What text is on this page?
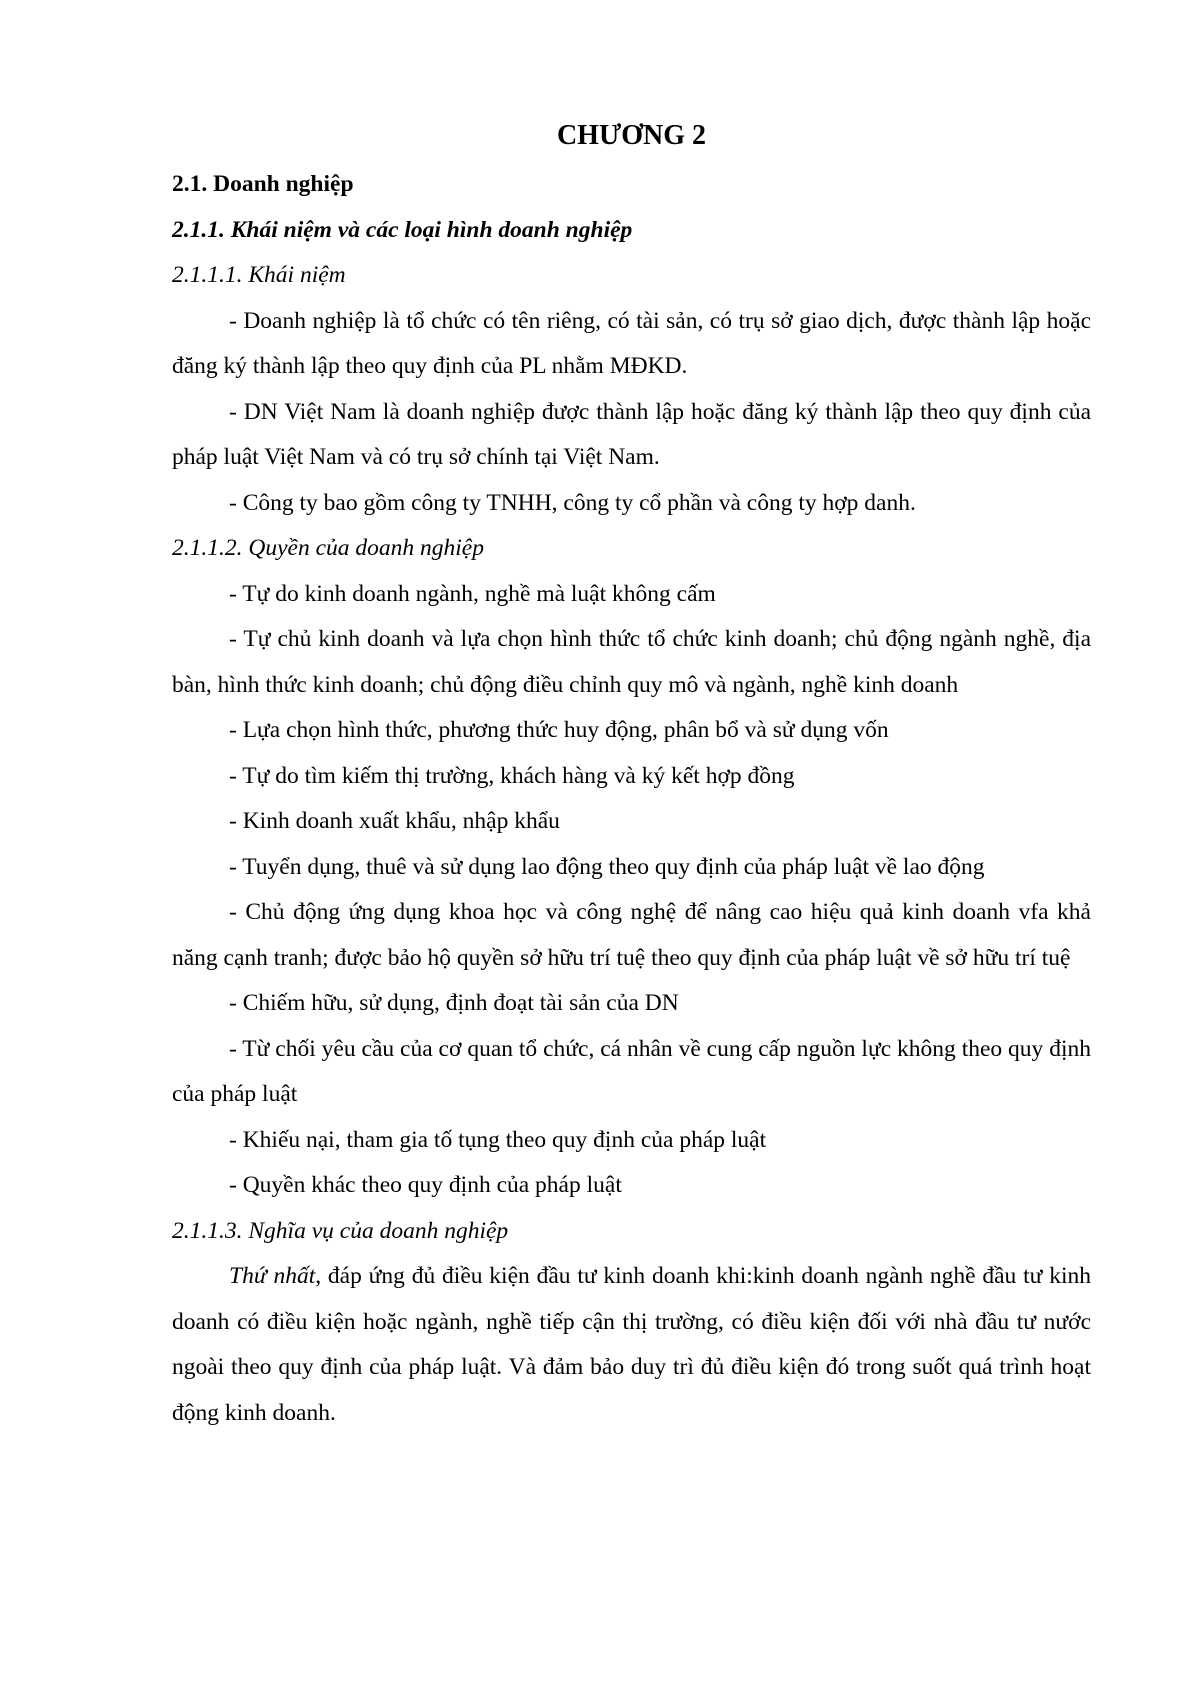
CHƯƠNG 2
2.1. Doanh nghiệp
2.1.1. Khái niệm và các loại hình doanh nghiệp
2.1.1.1. Khái niệm
- Doanh nghiệp là tổ chức có tên riêng, có tài sản, có trụ sở giao dịch, được thành lập hoặc đăng ký thành lập theo quy định của PL nhằm MĐKD.
- DN Việt Nam là doanh nghiệp được thành lập hoặc đăng ký thành lập theo quy định của pháp luật Việt Nam và có trụ sở chính tại Việt Nam.
- Công ty bao gồm công ty TNHH, công ty cổ phần và công ty hợp danh.
2.1.1.2. Quyền của doanh nghiệp
- Tự do kinh doanh ngành, nghề mà luật không cấm
- Tự chủ kinh doanh và lựa chọn hình thức tổ chức kinh doanh; chủ động ngành nghề, địa bàn, hình thức kinh doanh; chủ động điều chỉnh quy mô và ngành, nghề kinh doanh
- Lựa chọn hình thức, phương thức huy động, phân bổ và sử dụng vốn
- Tự do tìm kiếm thị trường, khách hàng và ký kết hợp đồng
- Kinh doanh xuất khẩu, nhập khẩu
- Tuyển dụng, thuê và sử dụng lao động theo quy định của pháp luật về lao động
- Chủ động ứng dụng khoa học và công nghệ để nâng cao hiệu quả kinh doanh vfa khả năng cạnh tranh; được bảo hộ quyền sở hữu trí tuệ theo quy định của pháp luật về sở hữu trí tuệ
- Chiếm hữu, sử dụng, định đoạt tài sản của DN
- Từ chối yêu cầu của cơ quan tổ chức, cá nhân về cung cấp nguồn lực không theo quy định của pháp luật
- Khiếu nại, tham gia tố tụng theo quy định của pháp luật
- Quyền khác theo quy định của pháp luật
2.1.1.3. Nghĩa vụ của doanh nghiệp
Thứ nhất, đáp ứng đủ điều kiện đầu tư kinh doanh khi:kinh doanh ngành nghề đầu tư kinh doanh có điều kiện hoặc ngành, nghề tiếp cận thị trường, có điều kiện đối với nhà đầu tư nước ngoài theo quy định của pháp luật. Và đảm bảo duy trì đủ điều kiện đó trong suốt quá trình hoạt động kinh doanh.
